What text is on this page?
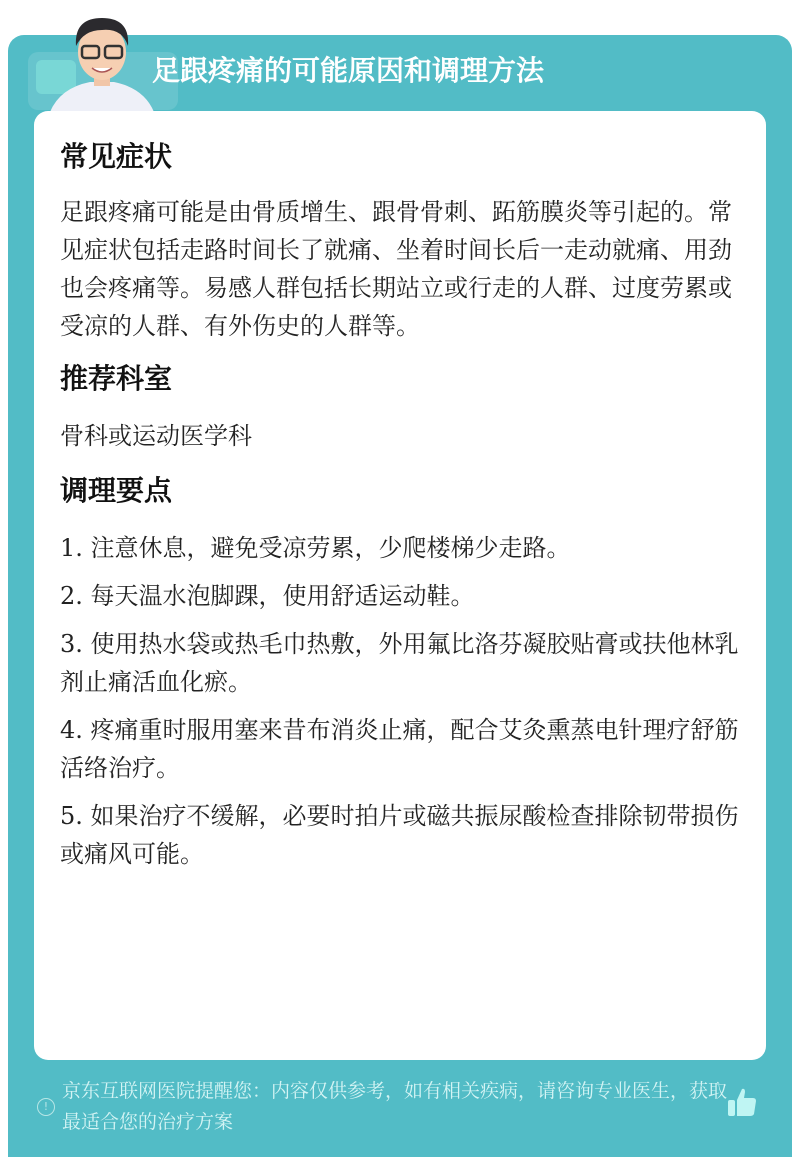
足跟疼痛的可能原因和调理方法
常见症状

足跟疼痛可能是由骨质增生、跟骨骨刺、跖筋膜炎等引起的。常见症状包括走路时间长了就痛、坐着时间长后一走动就痛、用劲也会疼痛等。易感人群包括长期站立或行走的人群、过度劳累或受凉的人群、有外伤史的人群等。

推荐科室

骨科或运动医学科

调理要点

1. 注意休息，避免受凉劳累，少爬楼梯少走路。

2. 每天温水泡脚踝，使用舒适运动鞋。

3. 使用热水袋或热毛巾热敷，外用氟比洛芬凝胶贴膏或扶他林乳剂止痛活血化瘀。

4. 疼痛重时服用塞来昔布消炎止痛，配合艾灸熏蒸电针理疗舒筋活络治疗。

5. 如果治疗不缓解，必要时拍片或磁共振尿酸检查排除韧带损伤或痛风可能。

!
京东互联网医院提醒您：内容仅供参考，如有相关疾病，请咨询专业医生，获取最适合您的治疗方案
